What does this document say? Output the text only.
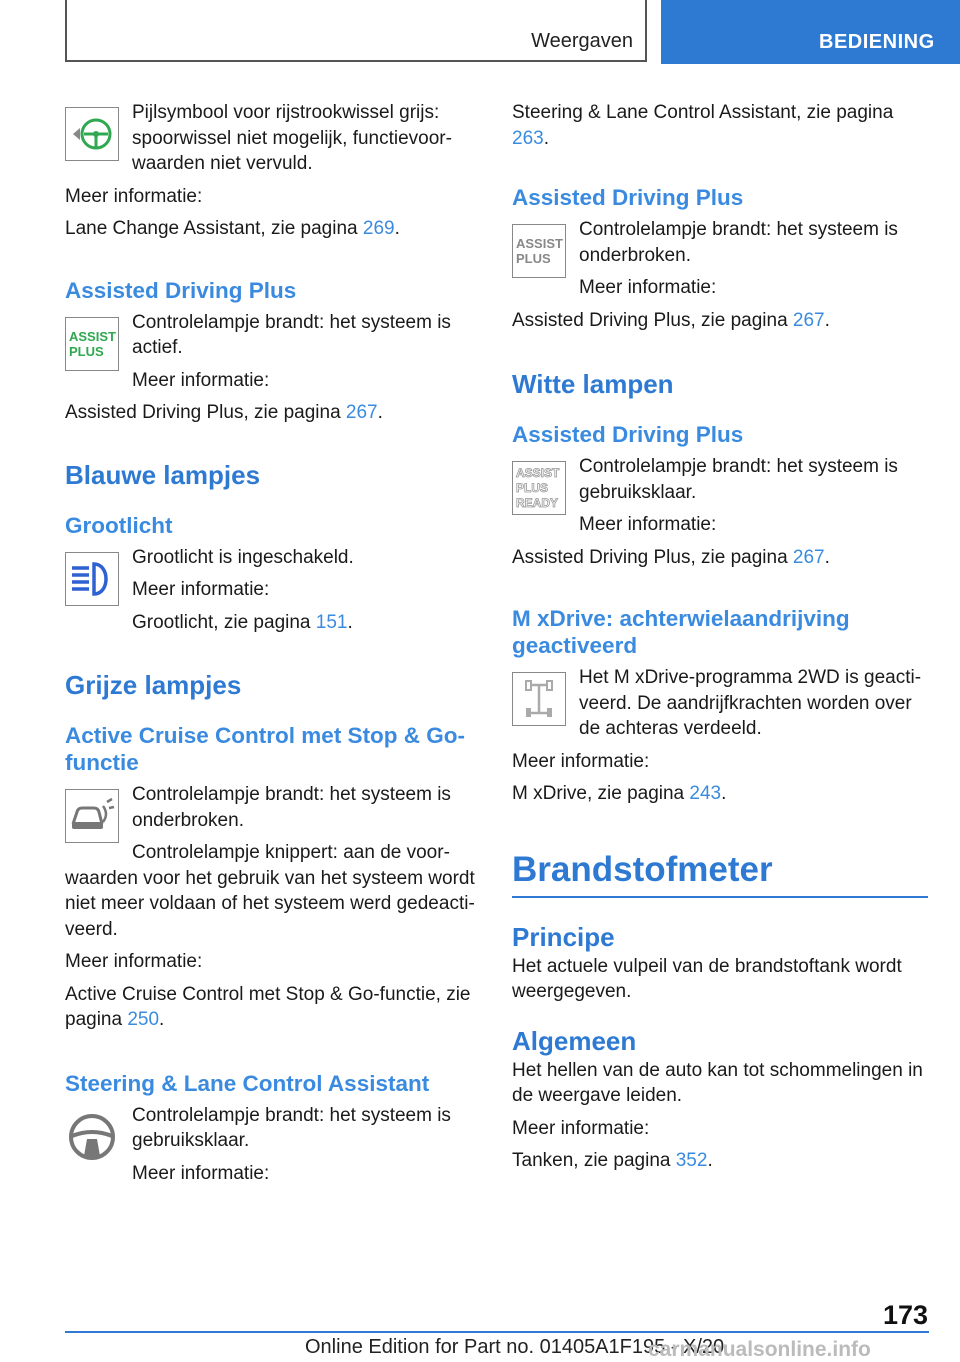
Weergaven	BEDIENING

Pijlsymbool voor rijstrookwissel grijs: spoorwissel niet mogelijk, functievoorwaarden niet vervuld.

Meer informatie:

Lane Change Assistant, zie pagina 269.

Assisted Driving Plus

ASSIST
PLUS

Controlelampje brandt: het systeem is actief.

Meer informatie:

Assisted Driving Plus, zie pagina 267.

Blauwe lampjes

Grootlicht

Grootlicht is ingeschakeld.

Meer informatie:

Grootlicht, zie pagina 151.

Grijze lampjes

Active Cruise Control met Stop & Go-functie

Controlelampje brandt: het systeem is onderbroken.

Controlelampje knippert: aan de voorwaarden voor het gebruik van het systeem wordt niet meer voldaan of het systeem werd gedeactiveerd.

Meer informatie:

Active Cruise Control met Stop & Go-functie, zie pagina 250.

Steering & Lane Control Assistant

Controlelampje brandt: het systeem is gebruiksklaar.

Meer informatie:

Steering & Lane Control Assistant, zie pagina 263.

Assisted Driving Plus

ASSIST
PLUS

Controlelampje brandt: het systeem is onderbroken.

Meer informatie:

Assisted Driving Plus, zie pagina 267.

Witte lampen

Assisted Driving Plus

ASSIST
PLUS
READY

Controlelampje brandt: het systeem is gebruiksklaar.

Meer informatie:

Assisted Driving Plus, zie pagina 267.

M xDrive: achterwielaandrijving geactiveerd

Het M xDrive-programma 2WD is geactiveerd. De aandrijfkrachten worden over de achteras verdeeld.

Meer informatie:

M xDrive, zie pagina 243.

Brandstofmeter

Principe

Het actuele vulpeil van de brandstoftank wordt weergegeven.

Algemeen

Het hellen van de auto kan tot schommelingen in de weergave leiden.

Meer informatie:

Tanken, zie pagina 352.

173
Online Edition for Part no. 01405A1F195 - X/20
carmanualsonline.info
